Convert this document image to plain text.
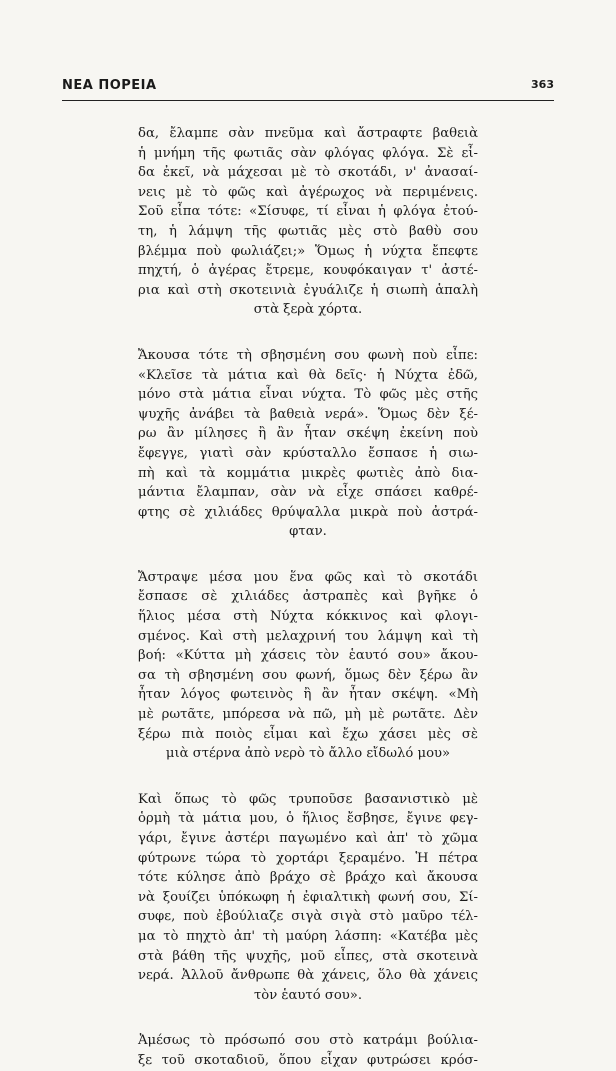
ΝΕΑ ΠΟΡΕΙΑ	363
δα, ἔλαμπε σὰν πνεῦμα καὶ ἄστραφτε βαθειὰ
ἡ μνήμη τῆς φωτιᾶς σὰν φλόγας φλόγα. Σὲ εἶ-
δα ἐκεῖ, νὰ μάχεσαι μὲ τὸ σκοτάδι, ν' ἀνασαί-
νεις μὲ τὸ φῶς καὶ ἀγέρωχος νὰ περιμένεις.
Σοῦ εἶπα τότε: «Σίσυφε, τί εἶναι ἡ φλόγα ἐτού-
τη, ἡ λάμψη τῆς φωτιᾶς μὲς στὸ βαθὺ σου
βλέμμα ποὺ φωλιάζει;» Ὅμως ἡ νύχτα ἔπεφτε
πηχτή, ὁ ἀγέρας ἔτρεμε, κουφόκαιγαν τ' ἀστέ-
ρια καὶ στὴ σκοτεινιὰ ἐγυάλιζε ἡ σιωπὴ ἁπαλὴ
στὰ ξερὰ χόρτα.
Ἄκουσα τότε τὴ σβησμένη σου φωνὴ ποὺ εἶπε:
«Κλεῖσε τὰ μάτια καὶ θὰ δεῖς· ἡ Νύχτα ἐδῶ,
μόνο στὰ μάτια εἶναι νύχτα. Τὸ φῶς μὲς στῆς
ψυχῆς ἀνάβει τὰ βαθειὰ νερά». Ὅμως δὲν ξέ-
ρω ἂν μίλησες ἢ ἂν ἦταν σκέψη ἐκείνη ποὺ
ἔφεγγε, γιατὶ σὰν κρύσταλλο ἔσπασε ἡ σιω-
πὴ καὶ τὰ κομμάτια μικρὲς φωτιὲς ἀπὸ δια-
μάντια ἔλαμπαν, σὰν νὰ εἶχε σπάσει καθρέ-
φτης σὲ χιλιάδες θρύψαλλα μικρὰ ποὺ ἀστρά-
φταν.
Ἄστραψε μέσα μου ἕνα φῶς καὶ τὸ σκοτάδι
ἔσπασε σὲ χιλιάδες ἀστραπὲς καὶ βγῆκε ὁ
ἥλιος μέσα στὴ Νύχτα κόκκινος καὶ φλογι-
σμένος. Καὶ στὴ μελαχρινή του λάμψη καὶ τὴ
βοή: «Κύττα μὴ χάσεις τὸν ἑαυτό σου» ἄκου-
σα τὴ σβησμένη σου φωνή, ὅμως δὲν ξέρω ἂν
ἦταν λόγος φωτεινὸς ἢ ἂν ἦταν σκέψη. «Μὴ
μὲ ρωτᾶτε, μπόρεσα νὰ πῶ, μὴ μὲ ρωτᾶτε. Δὲν
ξέρω πιὰ ποιὸς εἶμαι καὶ ἔχω χάσει μὲς σὲ
μιὰ στέρνα ἀπὸ νερὸ τὸ ἄλλο εἴδωλό μου»
Καὶ ὅπως τὸ φῶς τρυποῦσε βασανιστικὸ μὲ
ὁρμὴ τὰ μάτια μου, ὁ ἥλιος ἔσβησε, ἔγινε φεγ-
γάρι, ἔγινε ἀστέρι παγωμένο καὶ ἀπ' τὸ χῶμα
φύτρωνε τώρα τὸ χορτάρι ξεραμένο. Ἡ πέτρα
τότε κύλησε ἀπὸ βράχο σὲ βράχο καὶ ἄκουσα
νὰ ξουίζει ὑπόκωφη ἡ ἐφιαλτικὴ φωνή σου, Σί-
συφε, ποὺ ἐβούλιαζε σιγὰ σιγὰ στὸ μαῦρο τέλ-
μα τὸ πηχτὸ ἀπ' τὴ μαύρη λάσπη: «Κατέβα μὲς
στὰ βάθη τῆς ψυχῆς, μοῦ εἶπες, στὰ σκοτεινὰ
νερά. Ἀλλοῦ ἄνθρωπε θὰ χάνεις, ὅλο θὰ χάνεις
τὸν ἑαυτό σου».
Ἀμέσως τὸ πρόσωπό σου στὸ κατράμι βούλια-
ξε τοῦ σκοταδιοῦ, ὅπου εἶχαν φυτρώσει κρόσ-
